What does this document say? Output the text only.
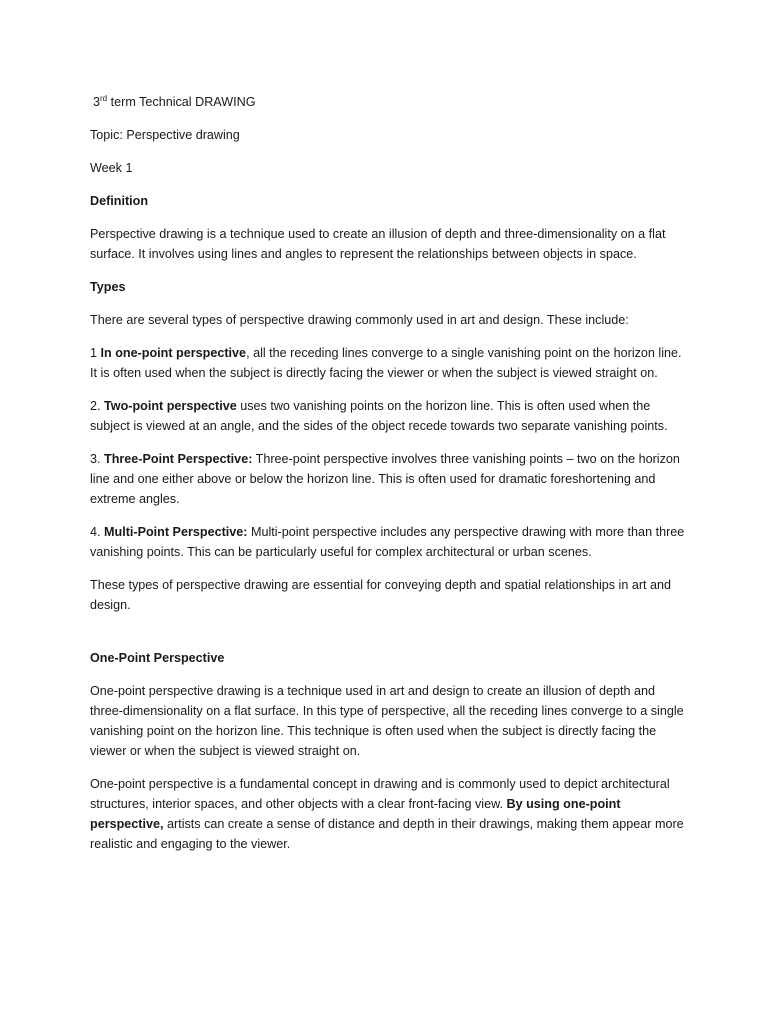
3rd term Technical DRAWING

Topic: Perspective drawing

Week 1

Definition

Perspective drawing is a technique used to create an illusion of depth and three-dimensionality on a flat surface. It involves using lines and angles to represent the relationships between objects in space.

Types

There are several types of perspective drawing commonly used in art and design. These include:

1 In one-point perspective, all the receding lines converge to a single vanishing point on the horizon line. It is often used when the subject is directly facing the viewer or when the subject is viewed straight on.

2. Two-point perspective uses two vanishing points on the horizon line. This is often used when the subject is viewed at an angle, and the sides of the object recede towards two separate vanishing points.

3. Three-Point Perspective: Three-point perspective involves three vanishing points – two on the horizon line and one either above or below the horizon line. This is often used for dramatic foreshortening and extreme angles.

4. Multi-Point Perspective: Multi-point perspective includes any perspective drawing with more than three vanishing points. This can be particularly useful for complex architectural or urban scenes.

These types of perspective drawing are essential for conveying depth and spatial relationships in art and design.

One-Point Perspective

One-point perspective drawing is a technique used in art and design to create an illusion of depth and three-dimensionality on a flat surface. In this type of perspective, all the receding lines converge to a single vanishing point on the horizon line. This technique is often used when the subject is directly facing the viewer or when the subject is viewed straight on.

One-point perspective is a fundamental concept in drawing and is commonly used to depict architectural structures, interior spaces, and other objects with a clear front-facing view. By using one-point perspective, artists can create a sense of distance and depth in their drawings, making them appear more realistic and engaging to the viewer.
